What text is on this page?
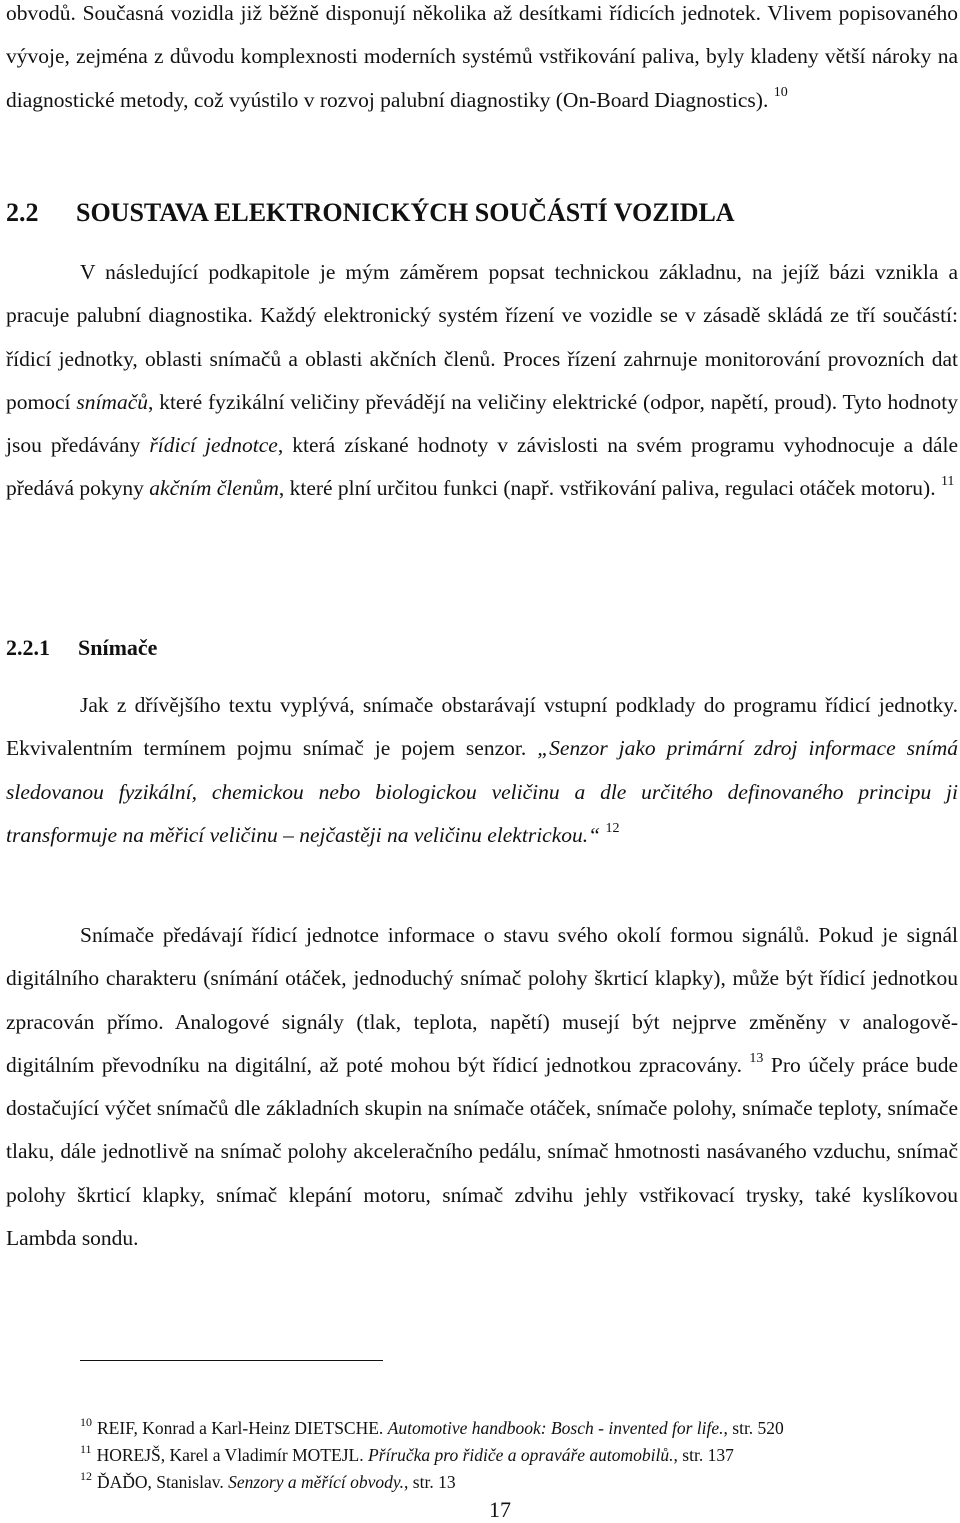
obvodů. Současná vozidla již běžně disponují několika až desítkami řídicích jednotek. Vlivem popisovaného vývoje, zejména z důvodu komplexnosti moderních systémů vstřikování paliva, byly kladeny větší nároky na diagnostické metody, což vyústilo v rozvoj palubní diagnostiky (On-Board Diagnostics). $^{10}$

2.2 SOUSTAVA ELEKTRONICKÝCH SOUČÁSTÍ VOZIDLA

V následující podkapitole je mým záměrem popsat technickou základnu, na jejíž bázi vznikla a pracuje palubní diagnostika. Každý elektronický systém řízení ve vozidle se v zásadě skládá ze tří součástí: řídicí jednotky, oblasti snímačů a oblasti akčních členů. Proces řízení zahrnuje monitorování provozních dat pomocí snímačů, které fyzikální veličiny převádějí na veličiny elektrické (odpor, napětí, proud). Tyto hodnoty jsou předávány řídicí jednotce, která získané hodnoty v závislosti na svém programu vyhodnocuje a dále předává pokyny akčním členům, které plní určitou funkci (např. vstřikování paliva, regulaci otáček motoru). $^{11}$

2.2.1 Snímače

Jak z dřívějšího textu vyplývá, snímače obstarávají vstupní podklady do programu řídicí jednotky. Ekvivalentním termínem pojmu snímač je pojem senzor. „Senzor jako primární zdroj informace snímá sledovanou fyzikální, chemickou nebo biologickou veličinu a dle určitého definovaného principu ji transformuje na měřicí veličinu – nejčastěji na veličinu elektrickou.“ $^{12}$

Snímače předávají řídicí jednotce informace o stavu svého okolí formou signálů. Pokud je signál digitálního charakteru (snímání otáček, jednoduchý snímač polohy škrticí klapky), může být řídicí jednotkou zpracován přímo. Analogové signály (tlak, teplota, napětí) musejí být nejprve změněny v analogově-digitálním převodníku na digitální, až poté mohou být řídicí jednotkou zpracovány. $^{13}$ Pro účely práce bude dostačující výčet snímačů dle základních skupin na snímače otáček, snímače polohy, snímače teploty, snímače tlaku, dále jednotlivě na snímač polohy akceleračního pedálu, snímač hmotnosti nasávaného vzduchu, snímač polohy škrticí klapky, snímač klepání motoru, snímač zdvihu jehly vstřikovací trysky, také kyslíkovou Lambda sondu.

$^{10}$ REIF, Konrad a Karl-Heinz DIETSCHE. Automotive handbook: Bosch - invented for life., str. 520

$^{11}$ HOREJŠ, Karel a Vladimír MOTEJL. Příručka pro řidiče a opraváře automobilů., str. 137

$^{12}$ ĎAĎO, Stanislav. Senzory a měřící obvody., str. 13

17
